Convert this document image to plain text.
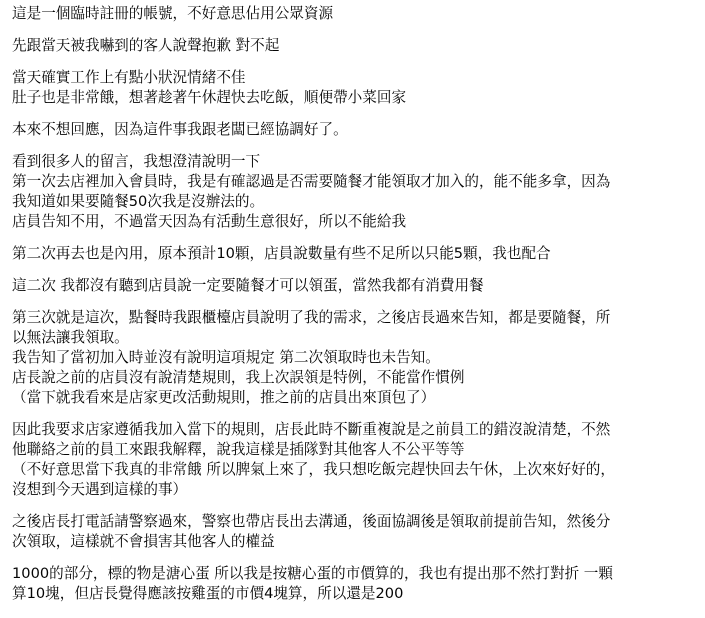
這是一個臨時註冊的帳號，不好意思佔用公眾資源
先跟當天被我嚇到的客人說聲抱歉 對不起
當天確實工作上有點小狀況情緒不佳
肚子也是非常餓，想著趁著午休趕快去吃飯，順便帶小菜回家
本來不想回應，因為這件事我跟老闆已經協調好了。
看到很多人的留言，我想澄清說明一下
第一次去店裡加入會員時，我是有確認過是否需要隨餐才能領取才加入的，能不能多拿，因為
我知道如果要隨餐50次我是沒辦法的。
店員告知不用，不過當天因為有活動生意很好，所以不能給我
第二次再去也是內用，原本預計10顆，店員說數量有些不足所以只能5顆，我也配合
這二次 我都沒有聽到店員說一定要隨餐才可以領蛋，當然我都有消費用餐
第三次就是這次，點餐時我跟櫃檯店員說明了我的需求，之後店長過來告知，都是要隨餐，所
以無法讓我領取。
我告知了當初加入時並沒有說明這項規定 第二次領取時也未告知。
店長說之前的店員沒有說清楚規則，我上次誤領是特例，不能當作慣例
（當下就我看來是店家更改活動規則，推之前的店員出來頂包了）
因此我要求店家遵循我加入當下的規則，店長此時不斷重複說是之前員工的錯沒說清楚，不然
他聯絡之前的員工來跟我解釋，說我這樣是插隊對其他客人不公平等等
（不好意思當下我真的非常餓 所以脾氣上來了，我只想吃飯完趕快回去午休，上次來好好的，
沒想到今天遇到這樣的事）
之後店長打電話請警察過來，警察也帶店長出去溝通，後面協調後是領取前提前告知，然後分
次領取，這樣就不會損害其他客人的權益
1000的部分，標的物是溏心蛋 所以我是按糖心蛋的市價算的，我也有提出那不然打對折 一顆
算10塊，但店長覺得應該按雞蛋的市價4塊算，所以還是200
